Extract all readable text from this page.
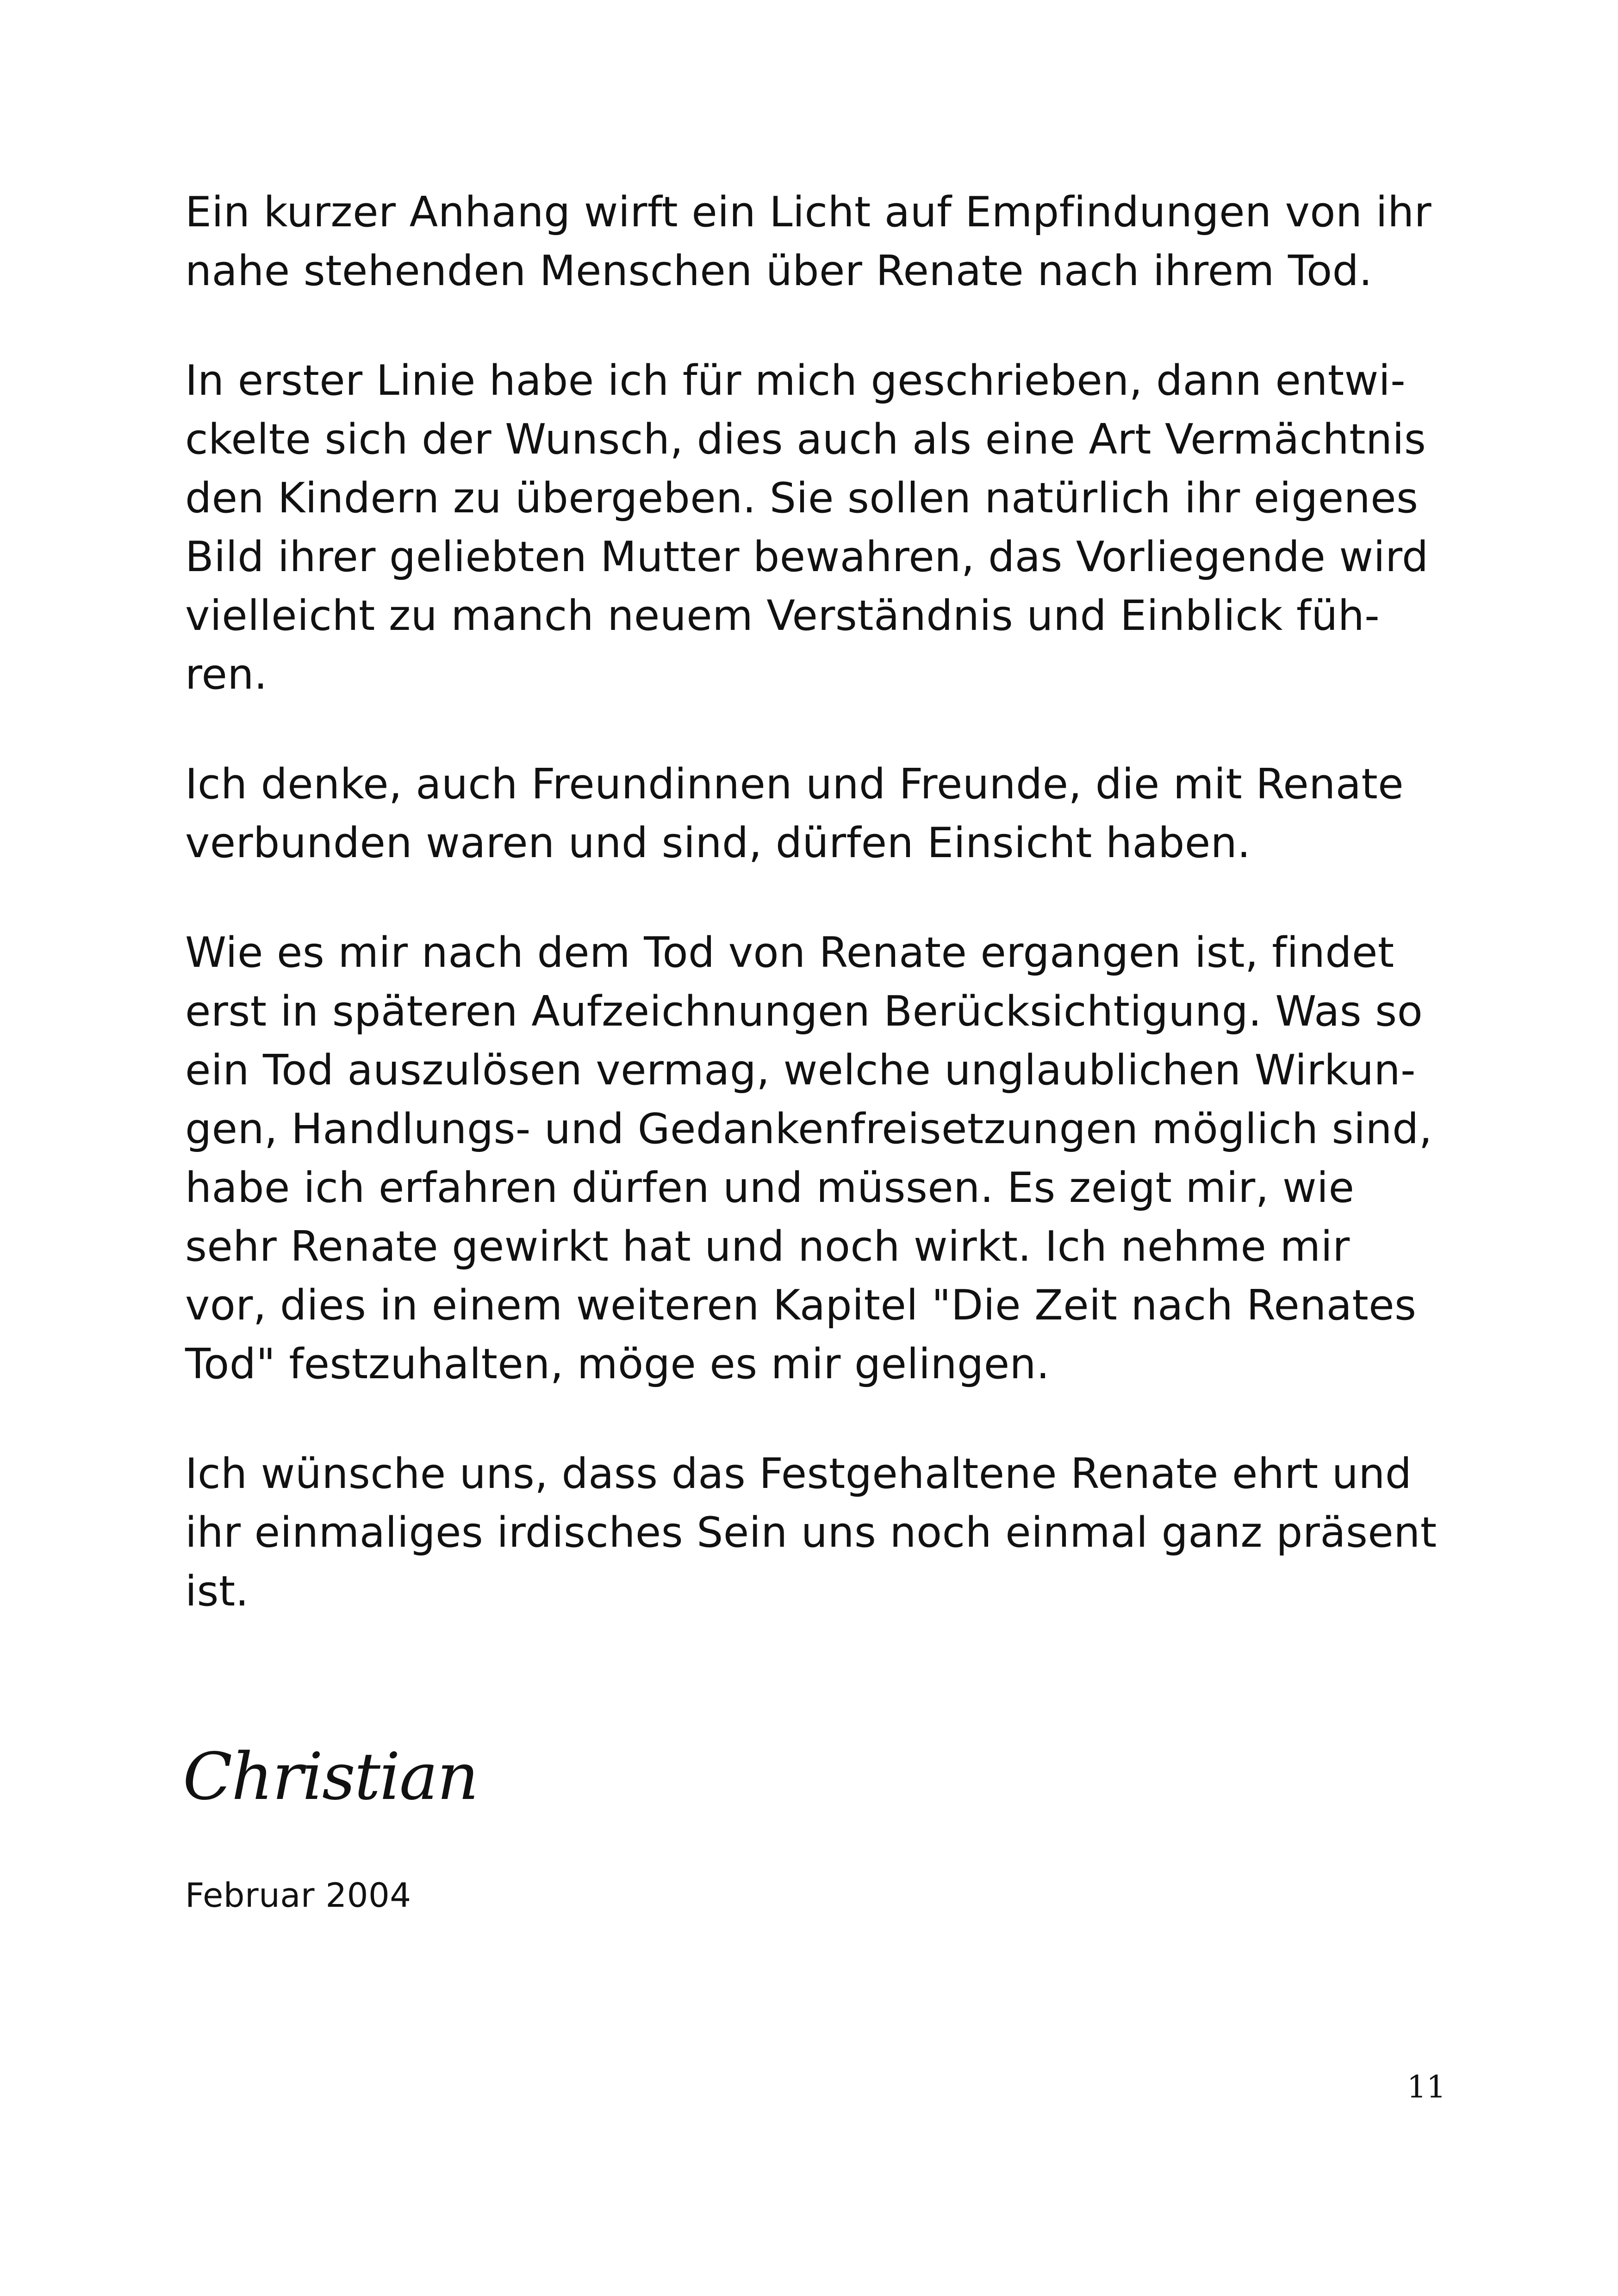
Ein kurzer Anhang wirft ein Licht auf Empfindungen von ihr
nahe stehenden Menschen über Renate nach ihrem Tod.

In erster Linie habe ich für mich geschrieben, dann entwi-
ckelte sich der Wunsch, dies auch als eine Art Vermächtnis
den Kindern zu übergeben. Sie sollen natürlich ihr eigenes
Bild ihrer geliebten Mutter bewahren, das Vorliegende wird
vielleicht zu manch neuem Verständnis und Einblick füh-
ren.

Ich denke, auch Freundinnen und Freunde, die mit Renate
verbunden waren und sind, dürfen Einsicht haben.

Wie es mir nach dem Tod von Renate ergangen ist, findet
erst in späteren Aufzeichnungen Berücksichtigung. Was so
ein Tod auszulösen vermag, welche unglaublichen Wirkun-
gen, Handlungs- und Gedankenfreisetzungen möglich sind,
habe ich erfahren dürfen und müssen. Es zeigt mir, wie
sehr Renate gewirkt hat und noch wirkt. Ich nehme mir
vor, dies in einem weiteren Kapitel "Die Zeit nach Renates
Tod" festzuhalten, möge es mir gelingen.

Ich wünsche uns, dass das Festgehaltene Renate ehrt und
ihr einmaliges irdisches Sein uns noch einmal ganz präsent
ist.

Christian
Februar 2004
11
